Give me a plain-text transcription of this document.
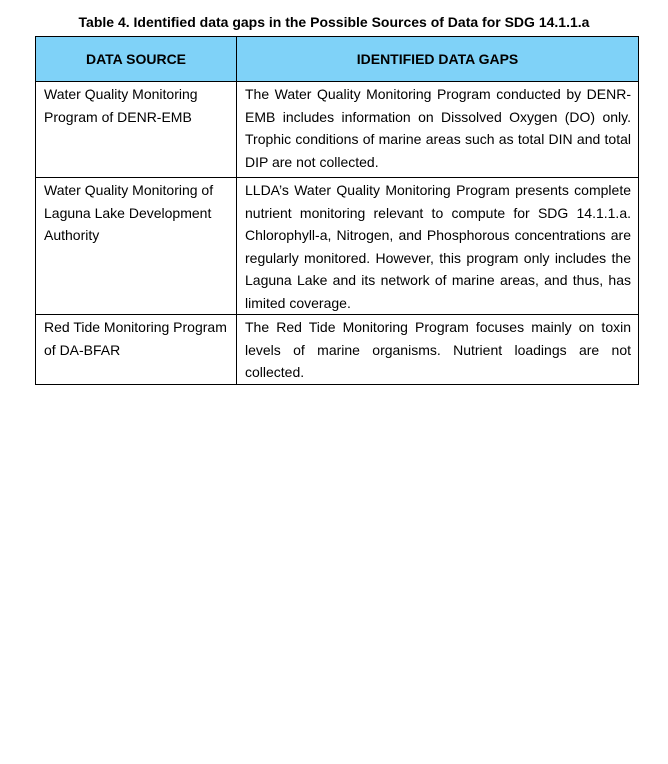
Table 4. Identified data gaps in the Possible Sources of Data for SDG 14.1.1.a
DATA SOURCE	IDENTIFIED DATA GAPS
Water Quality Monitoring Program of DENR-EMB	The Water Quality Monitoring Program conducted by DENR-EMB includes information on Dissolved Oxygen (DO) only. Trophic conditions of marine areas such as total DIN and total DIP are not collected.
Water Quality Monitoring of Laguna Lake Development Authority	LLDA’s Water Quality Monitoring Program presents complete nutrient monitoring relevant to compute for SDG 14.1.1.a. Chlorophyll-a, Nitrogen, and Phosphorous concentrations are regularly monitored. However, this program only includes the Laguna Lake and its network of marine areas, and thus, has limited coverage.
Red Tide Monitoring Program of DA-BFAR	The Red Tide Monitoring Program focuses mainly on toxin levels of marine organisms. Nutrient loadings are not collected.
